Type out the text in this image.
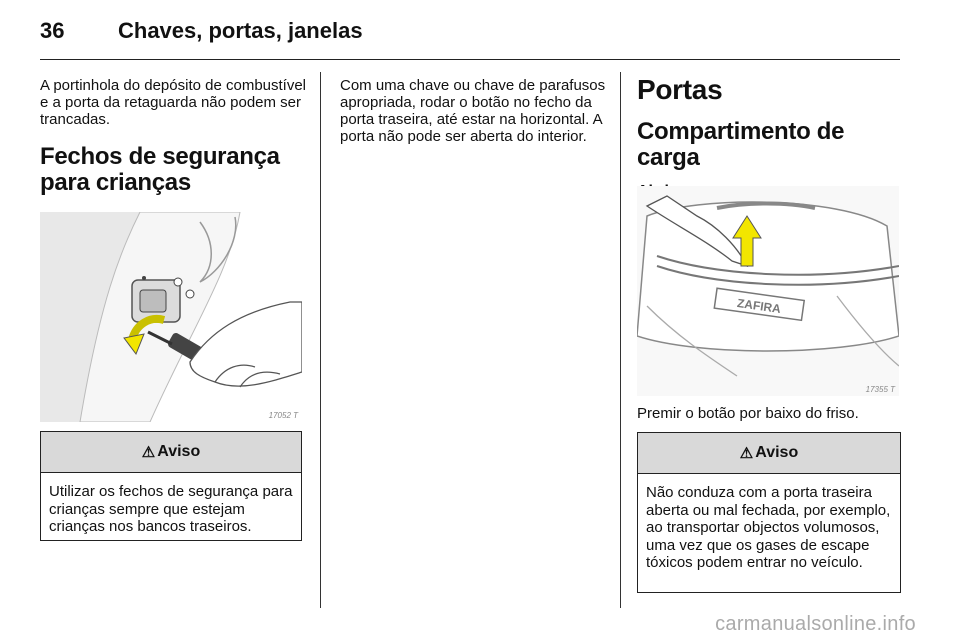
36 Chaves, portas, janelas

A portinhola do depósito de combustível e a porta da retaguarda não podem ser trancadas.

Fechos de segurança para crianças
17052 T
⚠ Aviso
Utilizar os fechos de segurança para crianças sempre que estejam crianças nos bancos traseiros.

Com uma chave ou chave de parafusos apropriada, rodar o botão no fecho da porta traseira, até estar na horizontal. A porta não pode ser aberta do interior.

Portas
Compartimento de carga
ZAFIRA
17355 T

Premir o botão por baixo do friso.

⚠ Aviso
Não conduza com a porta traseira aberta ou mal fechada, por exemplo, ao transportar objectos volumosos, uma vez que os gases de escape tóxicos podem entrar no veículo.
carmanualsonline.info
